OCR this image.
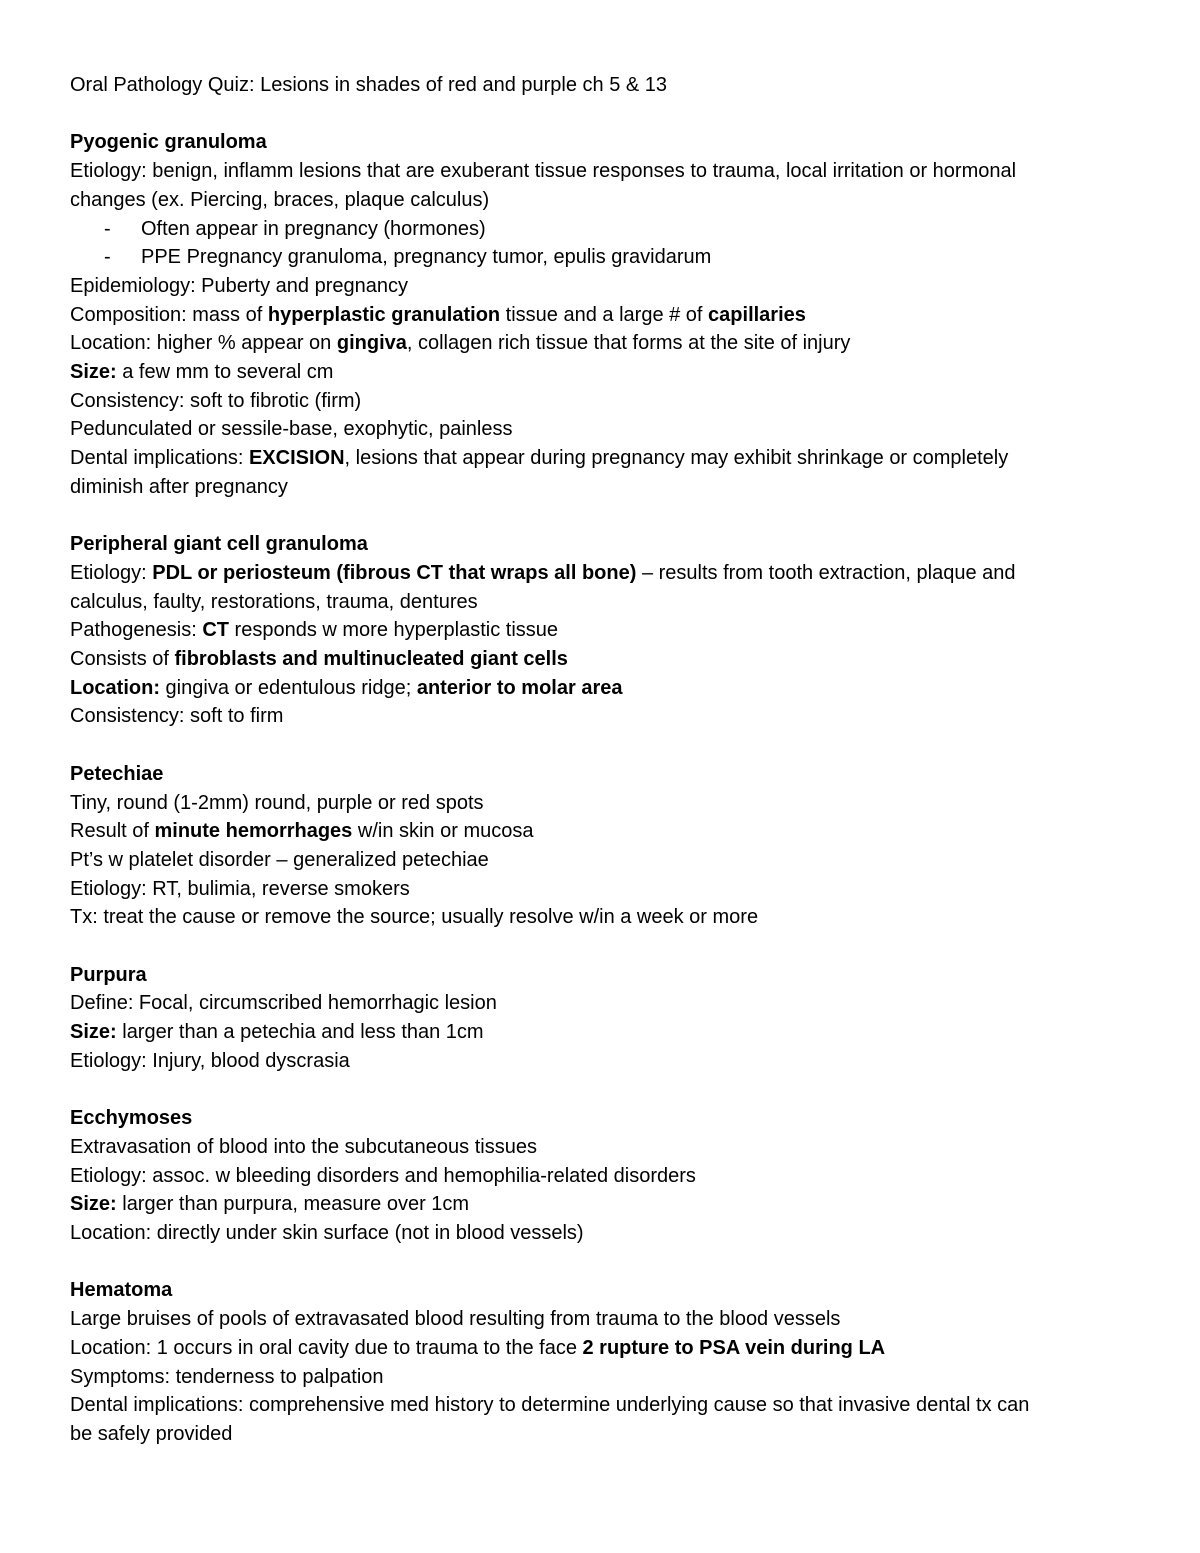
Oral Pathology Quiz: Lesions in shades of red and purple ch 5 & 13
Pyogenic granuloma
Etiology: benign, inflamm lesions that are exuberant tissue responses to trauma, local irritation or hormonal
changes (ex. Piercing, braces, plaque calculus)
- Often appear in pregnancy (hormones)
- PPE Pregnancy granuloma, pregnancy tumor, epulis gravidarum
Epidemiology: Puberty and pregnancy
Composition: mass of hyperplastic granulation tissue and a large # of capillaries
Location: higher % appear on gingiva, collagen rich tissue that forms at the site of injury
Size: a few mm to several cm
Consistency: soft to fibrotic (firm)
Pedunculated or sessile-base, exophytic, painless
Dental implications: EXCISION, lesions that appear during pregnancy may exhibit shrinkage or completely
diminish after pregnancy
Peripheral giant cell granuloma
Etiology: PDL or periosteum (fibrous CT that wraps all bone) – results from tooth extraction, plaque and
calculus, faulty, restorations, trauma, dentures
Pathogenesis: CT responds w more hyperplastic tissue
Consists of fibroblasts and multinucleated giant cells
Location: gingiva or edentulous ridge; anterior to molar area
Consistency: soft to firm
Petechiae
Tiny, round (1-2mm) round, purple or red spots
Result of minute hemorrhages w/in skin or mucosa
Pt’s w platelet disorder – generalized petechiae
Etiology: RT, bulimia, reverse smokers
Tx: treat the cause or remove the source; usually resolve w/in a week or more
Purpura
Define: Focal, circumscribed hemorrhagic lesion
Size: larger than a petechia and less than 1cm
Etiology: Injury, blood dyscrasia
Ecchymoses
Extravasation of blood into the subcutaneous tissues
Etiology: assoc. w bleeding disorders and hemophilia-related disorders
Size: larger than purpura, measure over 1cm
Location: directly under skin surface (not in blood vessels)
Hematoma
Large bruises of pools of extravasated blood resulting from trauma to the blood vessels
Location: 1 occurs in oral cavity due to trauma to the face 2 rupture to PSA vein during LA
Symptoms: tenderness to palpation
Dental implications: comprehensive med history to determine underlying cause so that invasive dental tx can
be safely provided
